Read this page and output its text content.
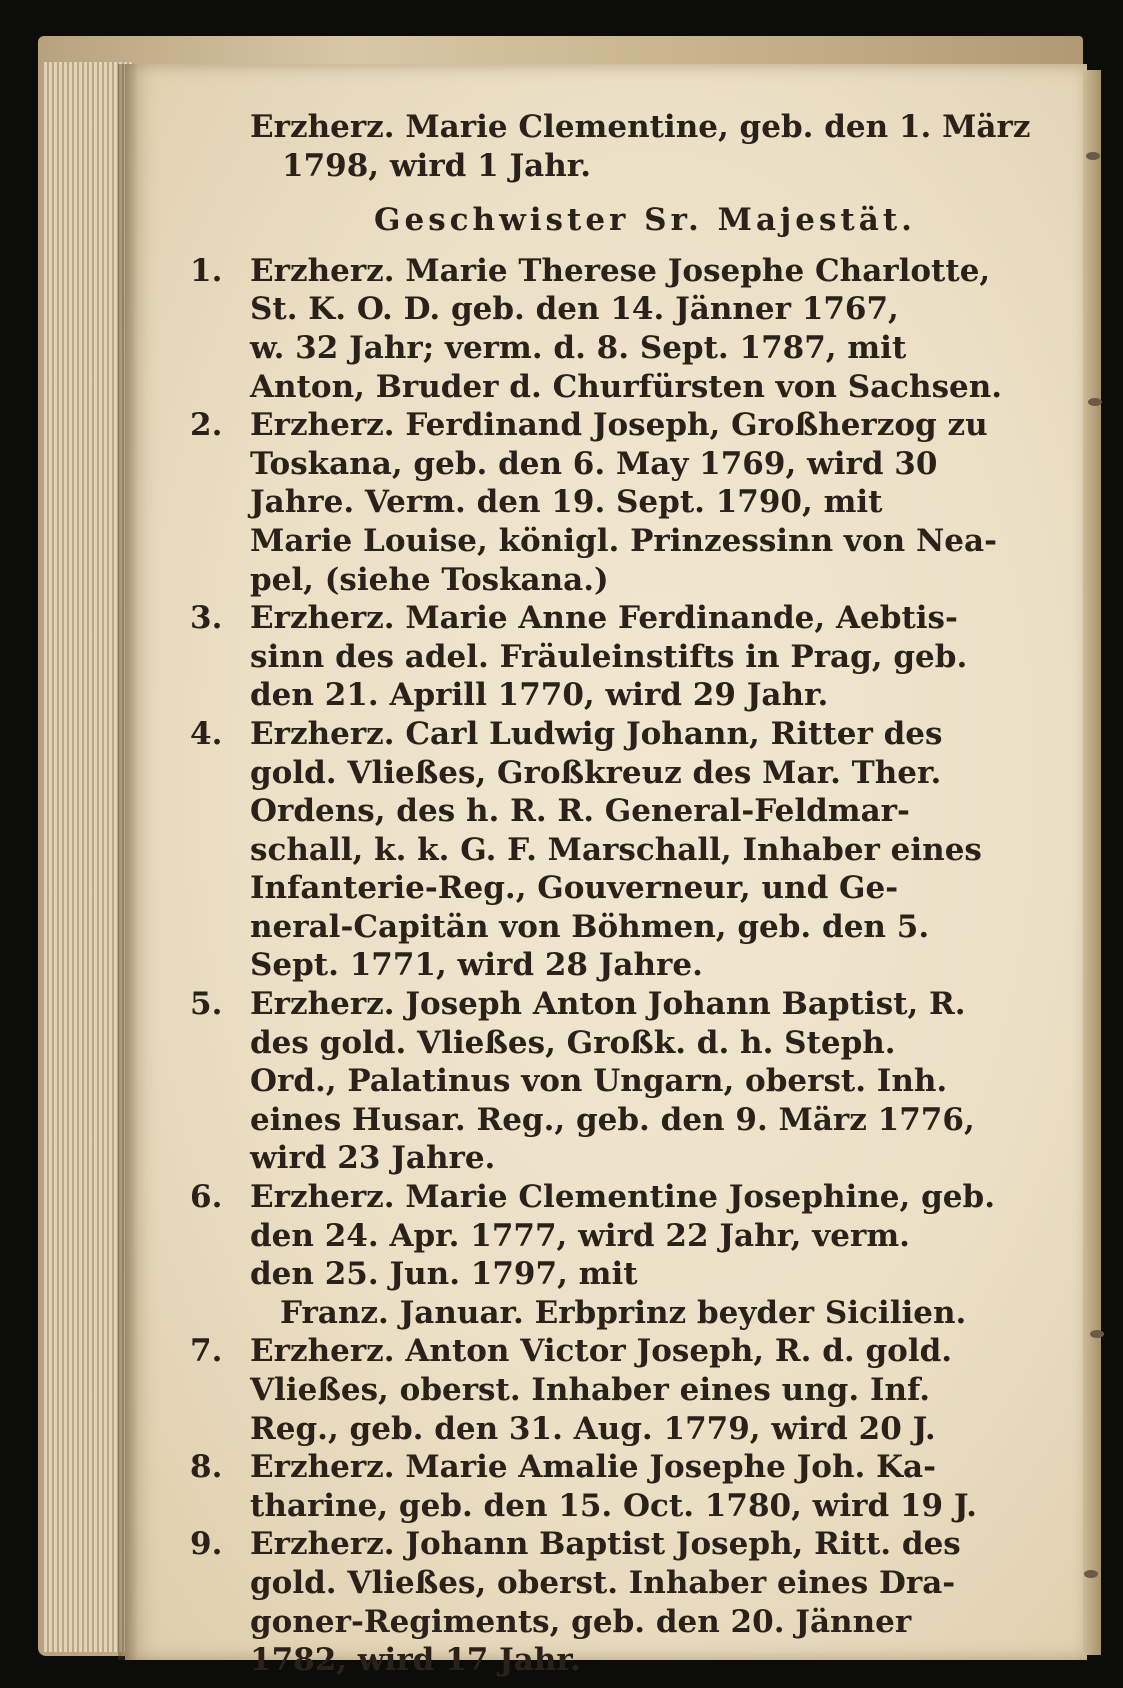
Erzherz. Marie Clementine, geb. den 1. März

1798, wird 1 Jahr.

Geschwister Sr. Majestät.

1. Erzherz. Marie Therese Josephe Charlotte,

St. K. O. D. geb. den 14. Jänner 1767,

w. 32 Jahr; verm. d. 8. Sept. 1787, mit

Anton, Bruder d. Churfürsten von Sachsen.

2. Erzherz. Ferdinand Joseph, Großherzog zu

Toskana, geb. den 6. May 1769, wird 30

Jahre. Verm. den 19. Sept. 1790, mit

Marie Louise, königl. Prinzessinn von Nea-

pel, (siehe Toskana.)

3. Erzherz. Marie Anne Ferdinande, Aebtis-

sinn des adel. Fräuleinstifts in Prag, geb.

den 21. Aprill 1770, wird 29 Jahr.

4. Erzherz. Carl Ludwig Johann, Ritter des

gold. Vließes, Großkreuz des Mar. Ther.

Ordens, des h. R. R. General-Feldmar-

schall, k. k. G. F. Marschall, Inhaber eines

Infanterie-Reg., Gouverneur, und Ge-

neral-Capitän von Böhmen, geb. den 5.

Sept. 1771, wird 28 Jahre.

5. Erzherz. Joseph Anton Johann Baptist, R.

des gold. Vließes, Großk. d. h. Steph.

Ord., Palatinus von Ungarn, oberst. Inh.

eines Husar. Reg., geb. den 9. März 1776,

wird 23 Jahre.

6. Erzherz. Marie Clementine Josephine, geb.

den 24. Apr. 1777, wird 22 Jahr, verm.

den 25. Jun. 1797, mit

Franz. Januar. Erbprinz beyder Sicilien.

7. Erzherz. Anton Victor Joseph, R. d. gold.

Vließes, oberst. Inhaber eines ung. Inf.

Reg., geb. den 31. Aug. 1779, wird 20 J.

8. Erzherz. Marie Amalie Josephe Joh. Ka-

tharine, geb. den 15. Oct. 1780, wird 19 J.

9. Erzherz. Johann Baptist Joseph, Ritt. des

gold. Vließes, oberst. Inhaber eines Dra-

goner-Regiments, geb. den 20. Jänner

1782, wird 17 Jahr.
